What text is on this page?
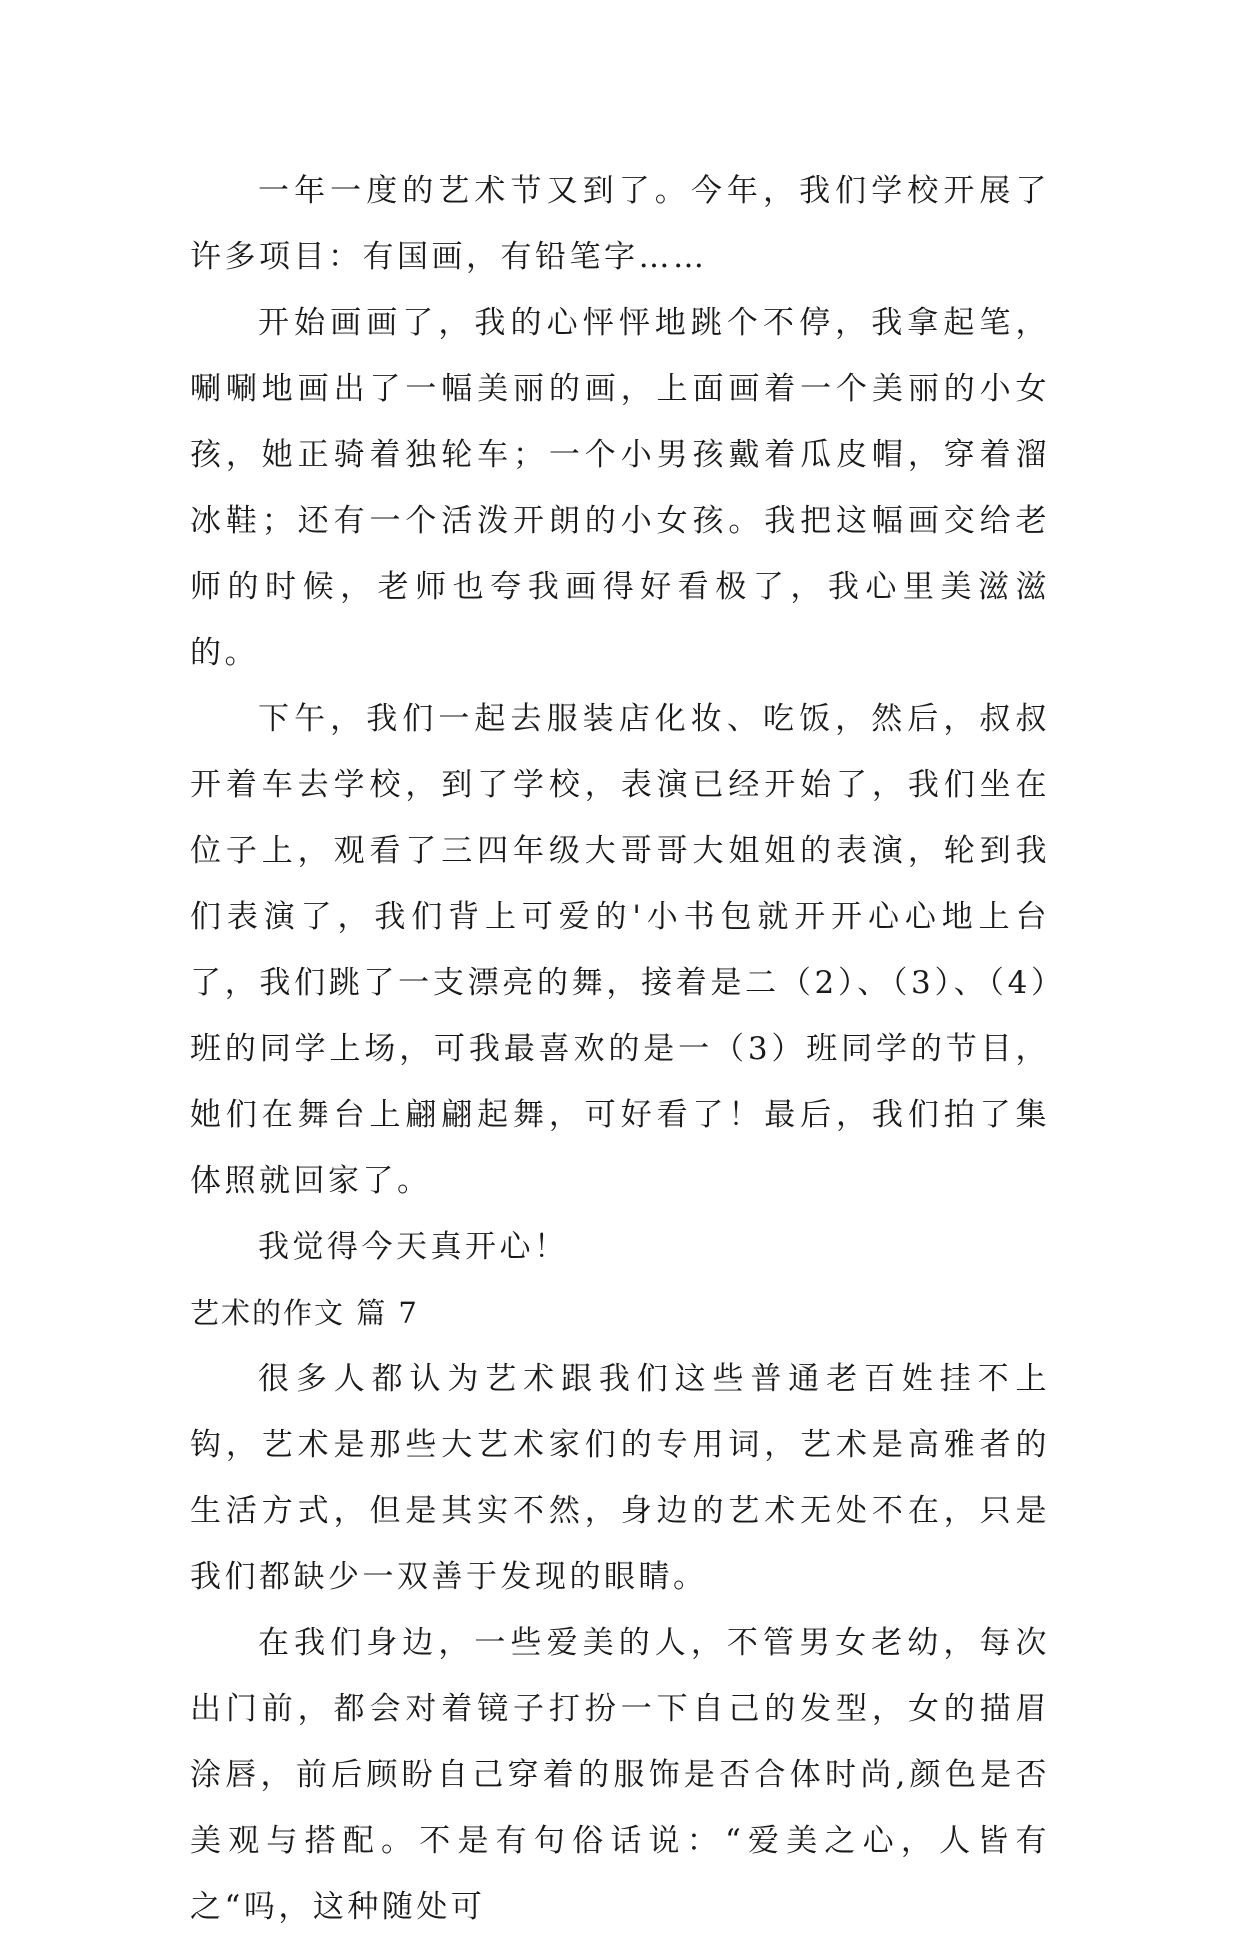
一年一度的艺术节又到了。今年，我们学校开展了许多项目：有国画，有铅笔字……

开始画画了，我的心怦怦地跳个不停，我拿起笔，唰唰地画出了一幅美丽的画，上面画着一个美丽的小女孩，她正骑着独轮车；一个小男孩戴着瓜皮帽，穿着溜冰鞋；还有一个活泼开朗的小女孩。我把这幅画交给老师的时候，老师也夸我画得好看极了，我心里美滋滋的。

下午，我们一起去服装店化妆、吃饭，然后，叔叔开着车去学校，到了学校，表演已经开始了，我们坐在位子上，观看了三四年级大哥哥大姐姐的表演，轮到我们表演了，我们背上可爱的'小书包就开开心心地上台了，我们跳了一支漂亮的舞，接着是二（2）、（3）、（4）班的同学上场，可我最喜欢的是一（3）班同学的节目，她们在舞台上翩翩起舞，可好看了！最后，我们拍了集体照就回家了。

我觉得今天真开心！

艺术的作文 篇 7

很多人都认为艺术跟我们这些普通老百姓挂不上钩，艺术是那些大艺术家们的专用词，艺术是高雅者的生活方式，但是其实不然，身边的艺术无处不在，只是我们都缺少一双善于发现的眼睛。

在我们身边，一些爱美的人，不管男女老幼，每次出门前，都会对着镜子打扮一下自己的发型，女的描眉涂唇，前后顾盼自己穿着的服饰是否合体时尚,颜色是否美观与搭配。不是有句俗话说：“爱美之心，人皆有之“吗，这种随处可
